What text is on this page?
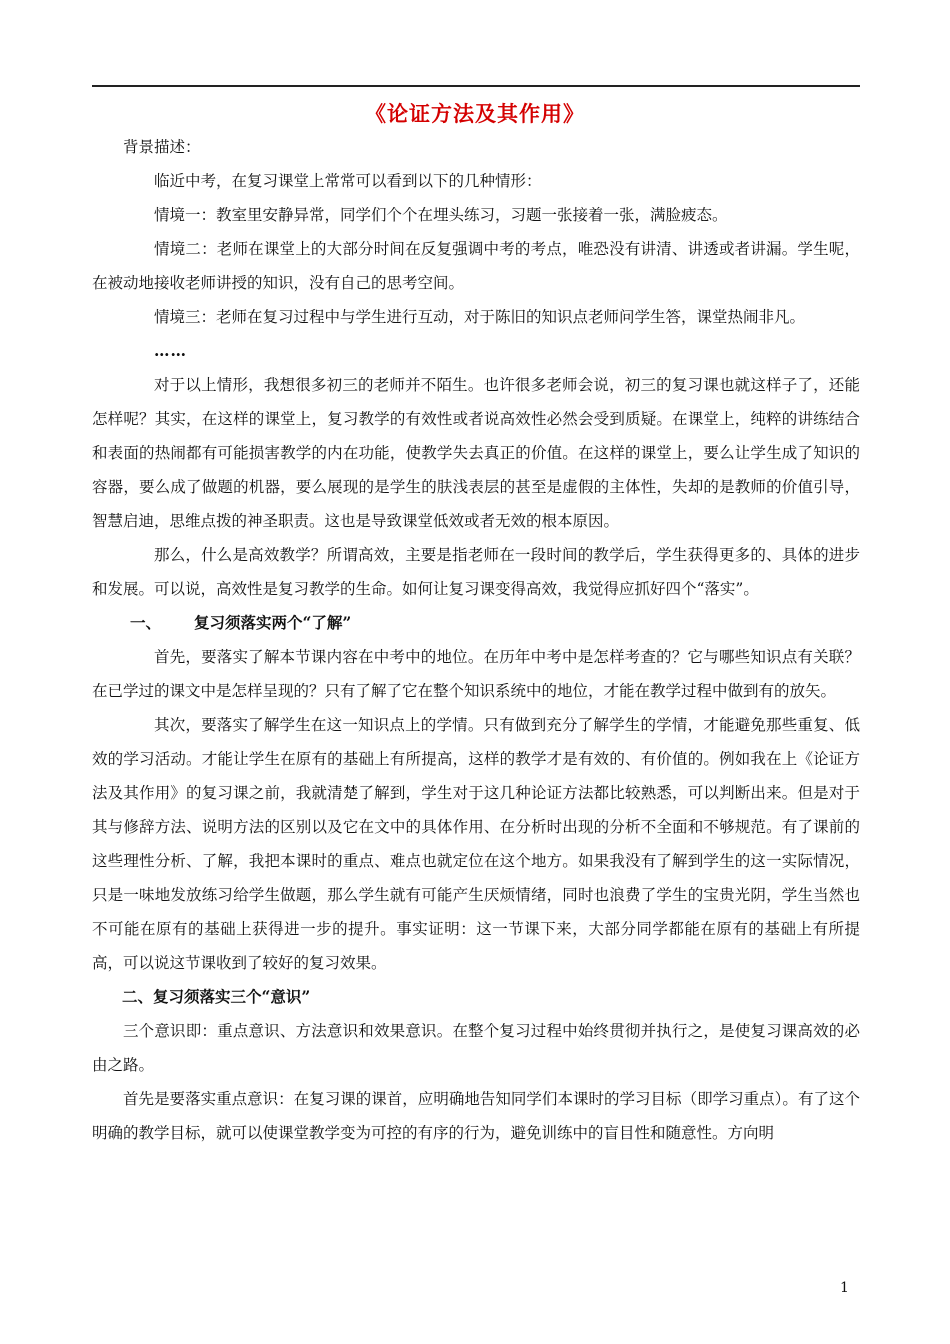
《论证方法及其作用》

背景描述：

临近中考，在复习课堂上常常可以看到以下的几种情形：

情境一：教室里安静异常，同学们个个在埋头练习，习题一张接着一张，满脸疲态。

情境二：老师在课堂上的大部分时间在反复强调中考的考点，唯恐没有讲清、讲透或者讲漏。学生呢，在被动地接收老师讲授的知识，没有自己的思考空间。

情境三：老师在复习过程中与学生进行互动，对于陈旧的知识点老师问学生答，课堂热闹非凡。

……

对于以上情形，我想很多初三的老师并不陌生。也许很多老师会说，初三的复习课也就这样子了，还能怎样呢？其实，在这样的课堂上，复习教学的有效性或者说高效性必然会受到质疑。在课堂上，纯粹的讲练结合和表面的热闹都有可能损害教学的内在功能，使教学失去真正的价值。在这样的课堂上，要么让学生成了知识的容器，要么成了做题的机器，要么展现的是学生的肤浅表层的甚至是虚假的主体性，失却的是教师的价值引导，智慧启迪，思维点拨的神圣职责。这也是导致课堂低效或者无效的根本原因。

那么，什么是高效教学？所谓高效，主要是指老师在一段时间的教学后，学生获得更多的、具体的进步和发展。可以说，高效性是复习教学的生命。如何让复习课变得高效，我觉得应抓好四个“落实”。

一、 复习须落实两个“了解”

首先，要落实了解本节课内容在中考中的地位。在历年中考中是怎样考查的？它与哪些知识点有关联？在已学过的课文中是怎样呈现的？只有了解了它在整个知识系统中的地位，才能在教学过程中做到有的放矢。

其次，要落实了解学生在这一知识点上的学情。只有做到充分了解学生的学情，才能避免那些重复、低效的学习活动。才能让学生在原有的基础上有所提高，这样的教学才是有效的、有价值的。例如我在上《论证方法及其作用》的复习课之前，我就清楚了解到，学生对于这几种论证方法都比较熟悉，可以判断出来。但是对于其与修辞方法、说明方法的区别以及它在文中的具体作用、在分析时出现的分析不全面和不够规范。有了课前的这些理性分析、了解，我把本课时的重点、难点也就定位在这个地方。如果我没有了解到学生的这一实际情况，只是一味地发放练习给学生做题，那么学生就有可能产生厌烦情绪，同时也浪费了学生的宝贵光阴，学生当然也不可能在原有的基础上获得进一步的提升。事实证明：这一节课下来，大部分同学都能在原有的基础上有所提高，可以说这节课收到了较好的复习效果。

二、复习须落实三个“意识”

三个意识即：重点意识、方法意识和效果意识。在整个复习过程中始终贯彻并执行之，是使复习课高效的必由之路。

首先是要落实重点意识：在复习课的课首，应明确地告知同学们本课时的学习目标（即学习重点）。有了这个明确的教学目标，就可以使课堂教学变为可控的有序的行为，避免训练中的盲目性和随意性。方向明

1
